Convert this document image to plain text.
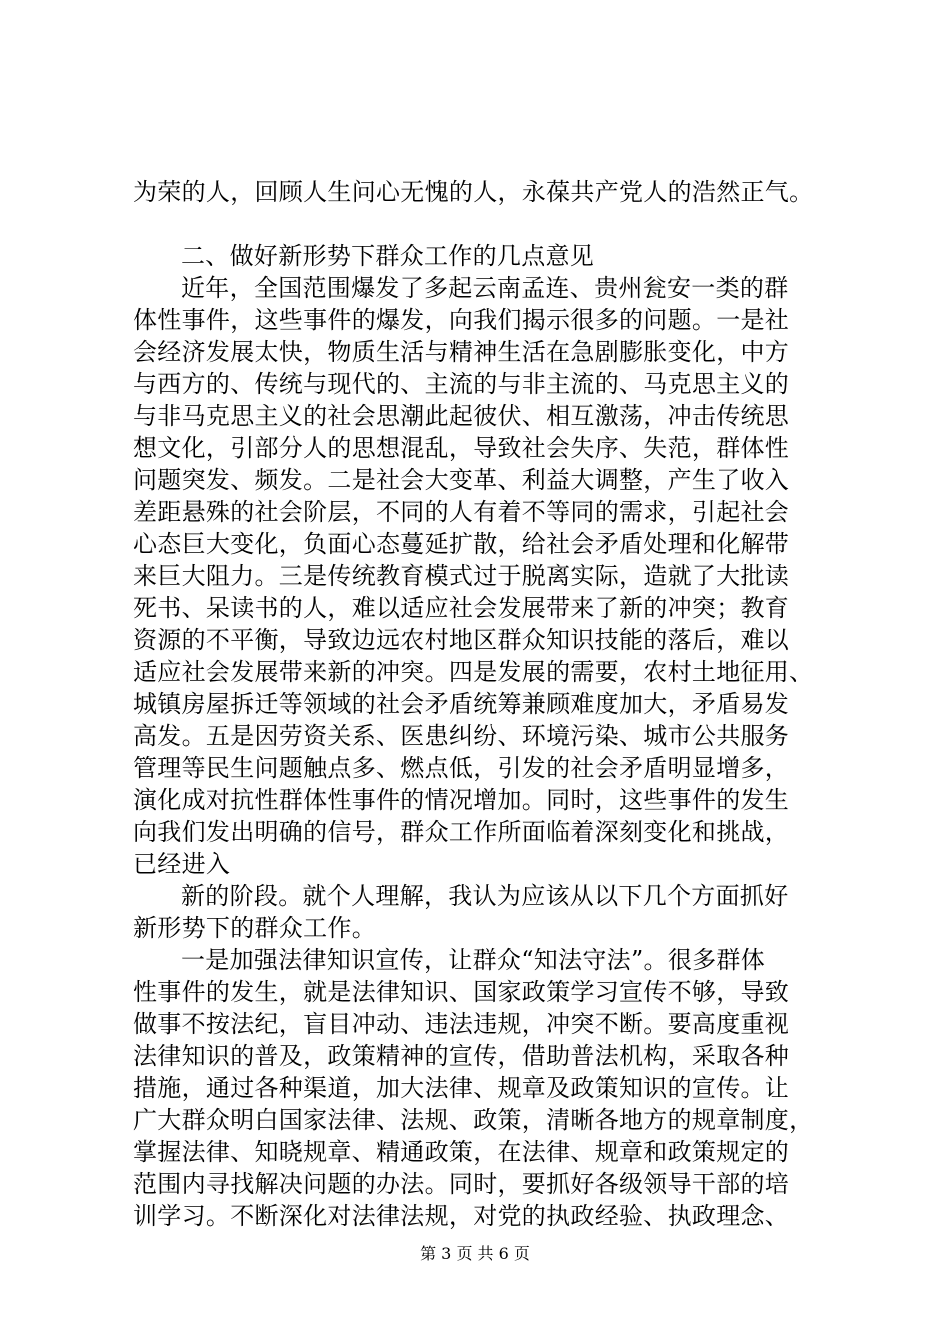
为荣的人，回顾人生问心无愧的人，永葆共产党人的浩然正气。
二、做好新形势下群众工作的几点意见
近年，全国范围爆发了多起云南孟连、贵州瓮安一类的群
体性事件，这些事件的爆发，向我们揭示很多的问题。一是社
会经济发展太快，物质生活与精神生活在急剧膨胀变化，中方
与西方的、传统与现代的、主流的与非主流的、马克思主义的
与非马克思主义的社会思潮此起彼伏、相互激荡，冲击传统思
想文化，引部分人的思想混乱，导致社会失序、失范，群体性
问题突发、频发。二是社会大变革、利益大调整，产生了收入
差距悬殊的社会阶层，不同的人有着不等同的需求，引起社会
心态巨大变化，负面心态蔓延扩散，给社会矛盾处理和化解带
来巨大阻力。三是传统教育模式过于脱离实际，造就了大批读
死书、呆读书的人，难以适应社会发展带来了新的冲突；教育
资源的不平衡，导致边远农村地区群众知识技能的落后，难以
适应社会发展带来新的冲突。四是发展的需要，农村土地征用、
城镇房屋拆迁等领域的社会矛盾统筹兼顾难度加大，矛盾易发
高发。五是因劳资关系、医患纠纷、环境污染、城市公共服务
管理等民生问题触点多、燃点低，引发的社会矛盾明显增多，
演化成对抗性群体性事件的情况增加。同时，这些事件的发生
向我们发出明确的信号，群众工作所面临着深刻变化和挑战，
已经进入
新的阶段。就个人理解，我认为应该从以下几个方面抓好
新形势下的群众工作。
一是加强法律知识宣传，让群众“知法守法”。很多群体
性事件的发生，就是法律知识、国家政策学习宣传不够，导致
做事不按法纪，盲目冲动、违法违规，冲突不断。要高度重视
法律知识的普及，政策精神的宣传，借助普法机构，采取各种
措施，通过各种渠道，加大法律、规章及政策知识的宣传。让
广大群众明白国家法律、法规、政策，清晰各地方的规章制度，
掌握法律、知晓规章、精通政策，在法律、规章和政策规定的
范围内寻找解决问题的办法。同时，要抓好各级领导干部的培
训学习。不断深化对法律法规，对党的执政经验、执政理念、
第 3 页 共 6 页
